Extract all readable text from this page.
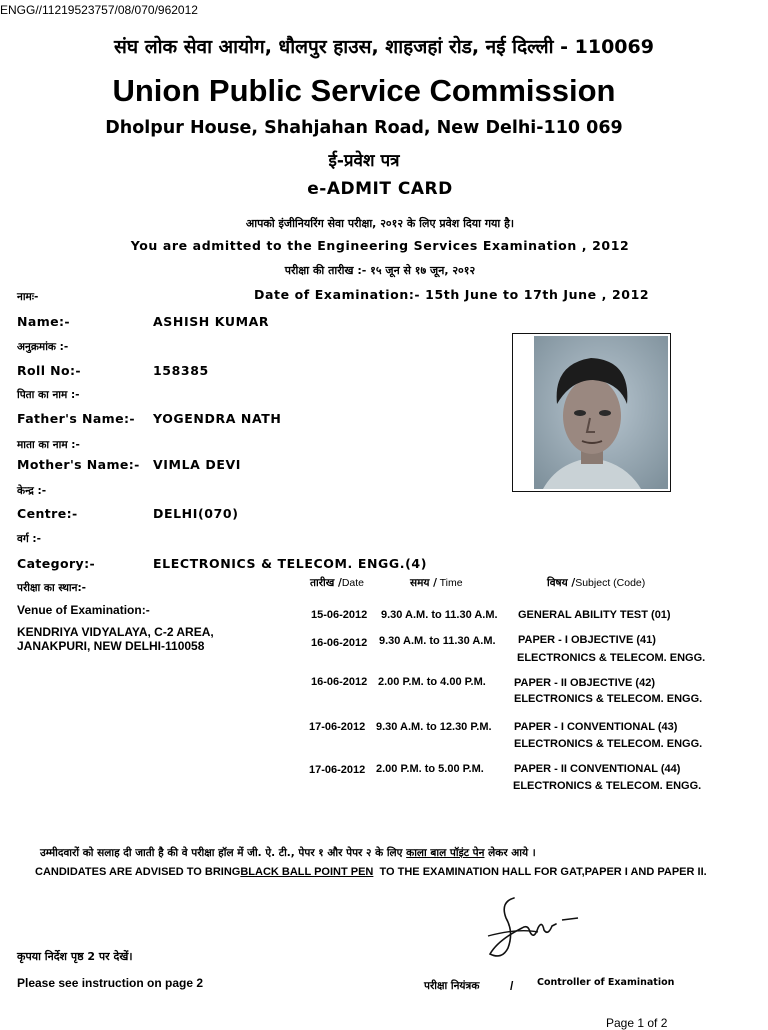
ENGG//11219523757/08/070/962012
संघ लोक सेवा आयोग, धौलपुर हाउस, शाहजहां रोड, नई दिल्ली - 110069
Union Public Service Commission
Dholpur House, Shahjahan Road, New Delhi-110 069
ई-प्रवेश पत्र
e-ADMIT CARD
आपको इंजीनियरिंग सेवा परीक्षा, २०१२ के लिए प्रवेश दिया गया है।
You are admitted to the Engineering Services Examination , 2012
परीक्षा की तारीख :- १५ जून से १७ जून, २०१२
Date of Examination:- 15th June to 17th June , 2012
नामः-
Name:-	ASHISH KUMAR
अनुक्रमांक :-
Roll No:-	158385
पिता का नाम :-
Father's Name:- YOGENDRA NATH
माता का नाम :-
Mother's Name:- VIMLA DEVI
केन्द्र :-
Centre:-	DELHI(070)
वर्ग :-
Category:-	ELECTRONICS & TELECOM. ENGG.(4)
परीक्षा का स्थान:-
Venue of Examination:-
KENDRIYA VIDYALAYA, C-2 AREA,
JANAKPURI, NEW DELHI-110058
तारीख /Date	समय / Time	विषय /Subject (Code)
15-06-2012 9.30 A.M. to 11.30 A.M. GENERAL ABILITY TEST (01)
16-06-2012 9.30 A.M. to 11.30 A.M. PAPER - I OBJECTIVE (41)
ELECTRONICS & TELECOM. ENGG.
16-06-2012 2.00 P.M. to 4.00 P.M.	PAPER - II OBJECTIVE (42)
ELECTRONICS & TELECOM. ENGG.
17-06-2012 9.30 A.M. to 12.30 P.M. PAPER - I CONVENTIONAL (43)
ELECTRONICS & TELECOM. ENGG.
17-06-2012 2.00 P.M. to 5.00 P.M.	PAPER - II CONVENTIONAL (44)
ELECTRONICS & TELECOM. ENGG.
उम्मीदवारों को सलाह दी जाती है की वे परीक्षा हॉल में जी. ऐ. टी., पेपर १ और पेपर २ के लिए काला बाल पॉइंट पेन लेकर आये ।
CANDIDATES ARE ADVISED TO BRINGBLACK BALL POINT PEN TO THE EXAMINATION HALL FOR GAT,PAPER I AND PAPER II.
कृपया निर्देश पृष्ठ 2 पर देखें।
Please see instruction on page 2	परीक्षा नियंत्रक	/ Controller of Examination
Page 1 of 2
